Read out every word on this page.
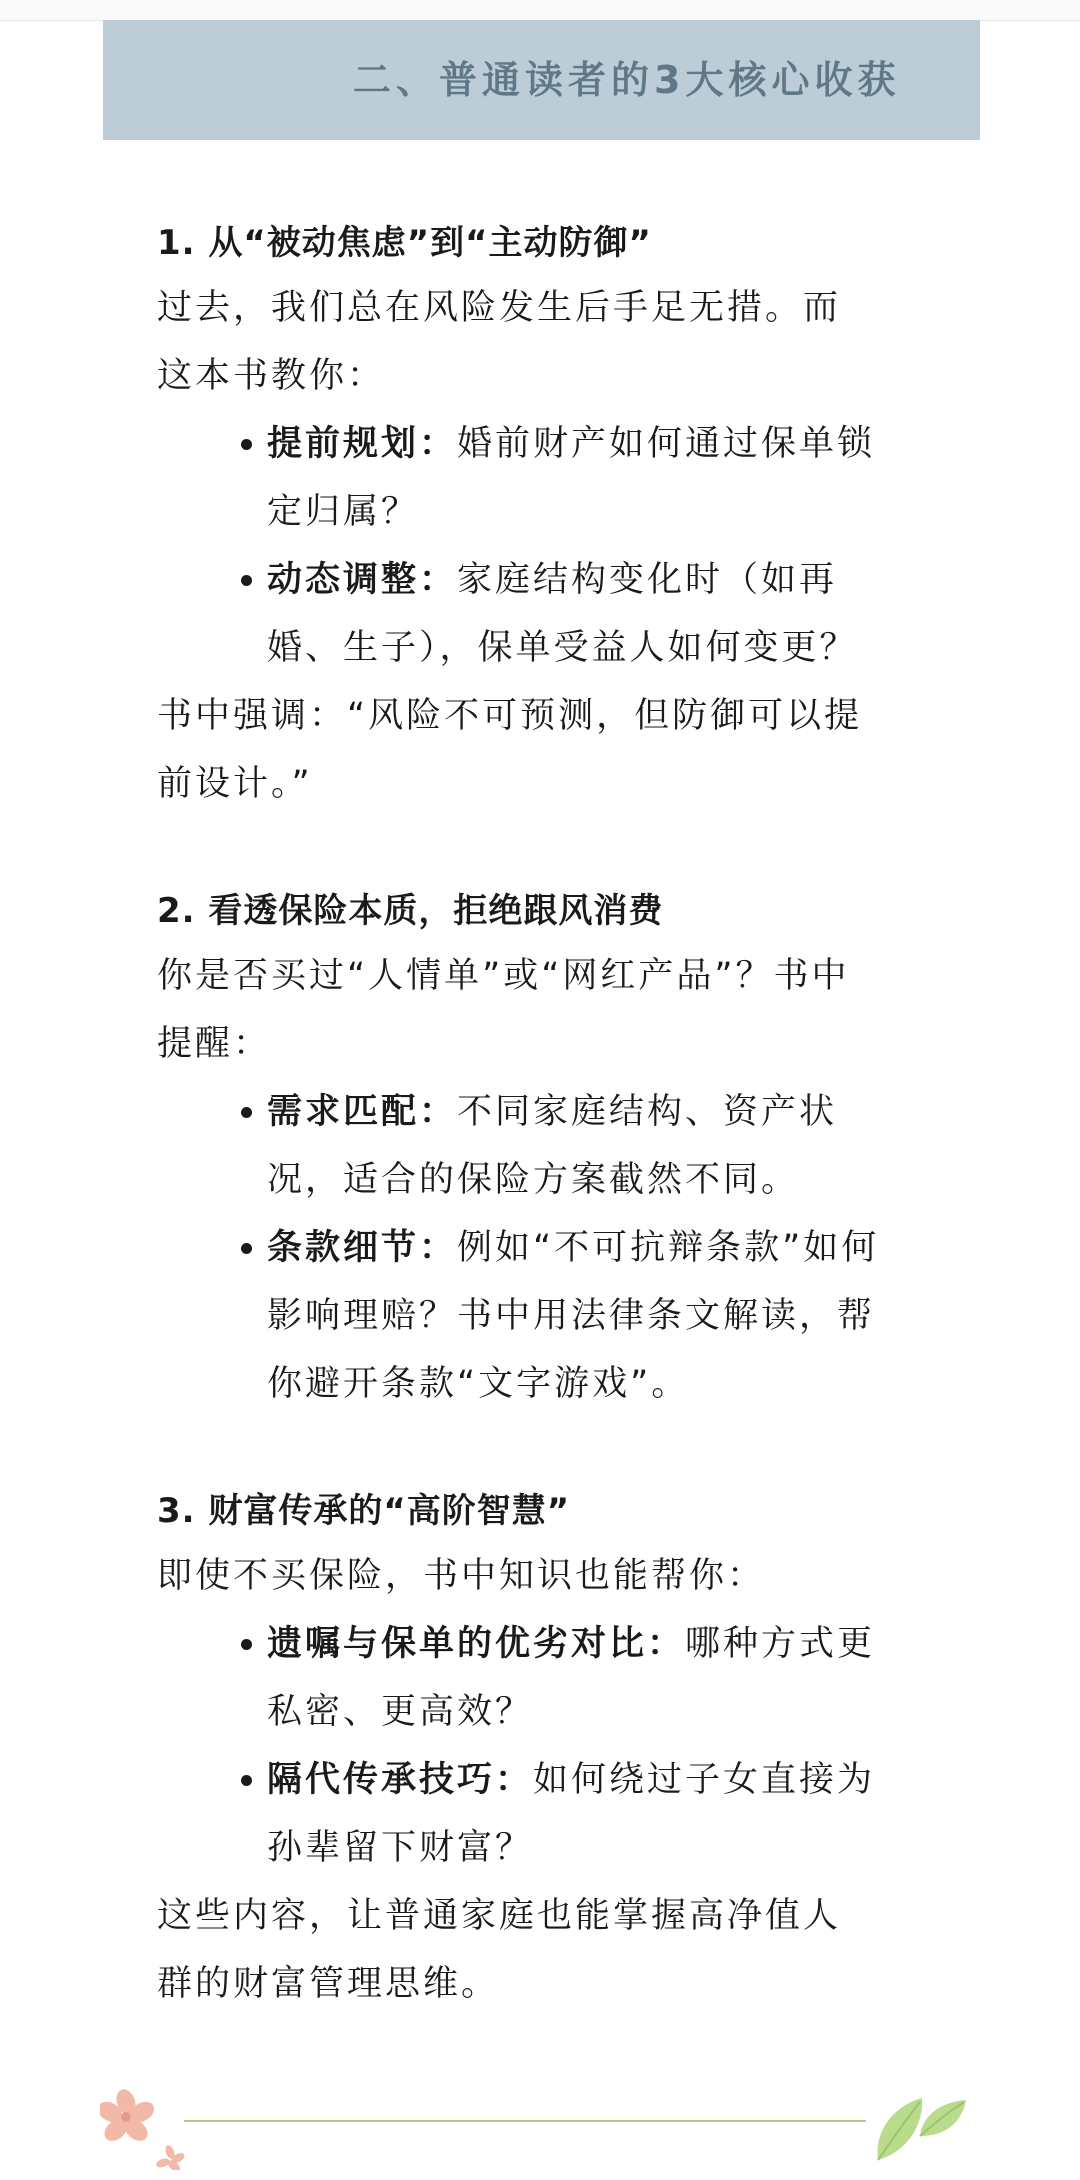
二、普通读者的3大核心收获
1. 从“被动焦虑”到“主动防御”

过去，我们总在风险发生后手足无措。而
这本书教你：

提前规划：婚前财产如何通过保单锁
定归属？
动态调整：家庭结构变化时（如再
婚、生子），保单受益人如何变更？

书中强调：“风险不可预测，但防御可以提
前设计。”

2. 看透保险本质，拒绝跟风消费

你是否买过“人情单”或“网红产品”？书中
提醒：

需求匹配：不同家庭结构、资产状
况，适合的保险方案截然不同。
条款细节：例如“不可抗辩条款”如何
影响理赔？书中用法律条文解读，帮
你避开条款“文字游戏”。
3. 财富传承的“高阶智慧”

即使不买保险，书中知识也能帮你：

遗嘱与保单的优劣对比：哪种方式更
私密、更高效？
隔代传承技巧：如何绕过子女直接为
孙辈留下财富？

这些内容，让普通家庭也能掌握高净值人
群的财富管理思维。
